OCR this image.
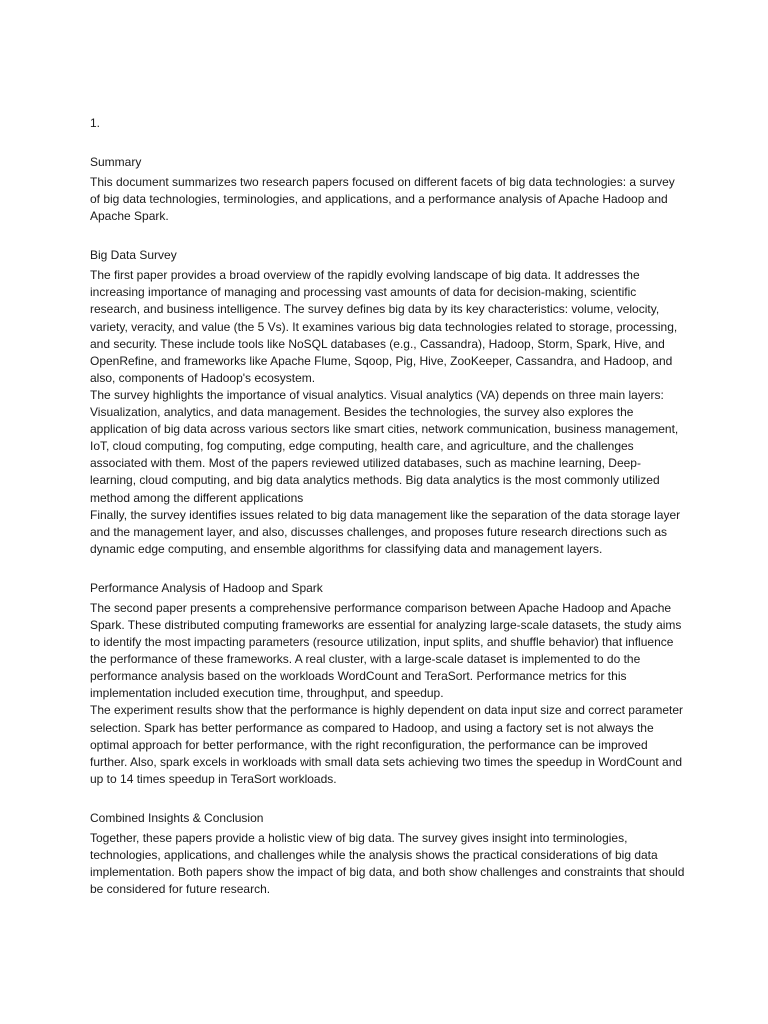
1.

Summary

This document summarizes two research papers focused on different facets of big data technologies: a survey of big data technologies, terminologies, and applications, and a performance analysis of Apache Hadoop and Apache Spark.

Big Data Survey

The first paper provides a broad overview of the rapidly evolving landscape of big data. It addresses the increasing importance of managing and processing vast amounts of data for decision-making, scientific research, and business intelligence. The survey defines big data by its key characteristics: volume, velocity, variety, veracity, and value (the 5 Vs). It examines various big data technologies related to storage, processing, and security. These include tools like NoSQL databases (e.g., Cassandra), Hadoop, Storm, Spark, Hive, and OpenRefine, and frameworks like Apache Flume, Sqoop, Pig, Hive, ZooKeeper, Cassandra, and Hadoop, and also, components of Hadoop's ecosystem.

The survey highlights the importance of visual analytics. Visual analytics (VA) depends on three main layers: Visualization, analytics, and data management. Besides the technologies, the survey also explores the application of big data across various sectors like smart cities, network communication, business management, IoT, cloud computing, fog computing, edge computing, health care, and agriculture, and the challenges associated with them. Most of the papers reviewed utilized databases, such as machine learning, Deep-learning, cloud computing, and big data analytics methods. Big data analytics is the most commonly utilized method among the different applications

Finally, the survey identifies issues related to big data management like the separation of the data storage layer and the management layer, and also, discusses challenges, and proposes future research directions such as dynamic edge computing, and ensemble algorithms for classifying data and management layers.

Performance Analysis of Hadoop and Spark

The second paper presents a comprehensive performance comparison between Apache Hadoop and Apache Spark. These distributed computing frameworks are essential for analyzing large-scale datasets, the study aims to identify the most impacting parameters (resource utilization, input splits, and shuffle behavior) that influence the performance of these frameworks. A real cluster, with a large-scale dataset is implemented to do the performance analysis based on the workloads WordCount and TeraSort. Performance metrics for this implementation included execution time, throughput, and speedup.

The experiment results show that the performance is highly dependent on data input size and correct parameter selection. Spark has better performance as compared to Hadoop, and using a factory set is not always the optimal approach for better performance, with the right reconfiguration, the performance can be improved further. Also, spark excels in workloads with small data sets achieving two times the speedup in WordCount and up to 14 times speedup in TeraSort workloads.

Combined Insights & Conclusion

Together, these papers provide a holistic view of big data. The survey gives insight into terminologies, technologies, applications, and challenges while the analysis shows the practical considerations of big data implementation. Both papers show the impact of big data, and both show challenges and constraints that should be considered for future research.
